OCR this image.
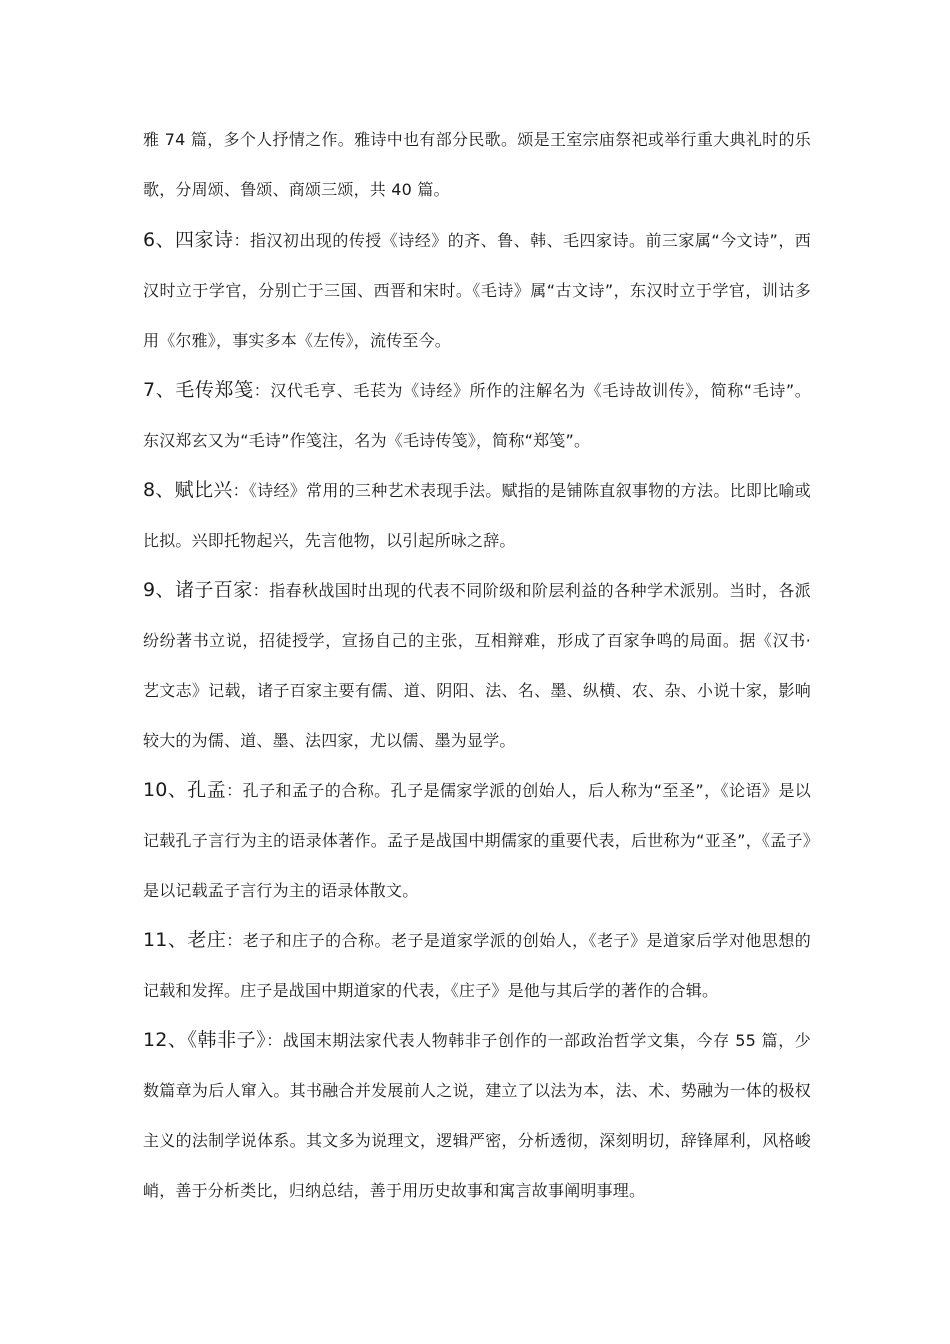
雅 74 篇，多个人抒情之作。雅诗中也有部分民歌。颂是王室宗庙祭祀或举行重大典礼时的乐歌，分周颂、鲁颂、商颂三颂，共 40 篇。

6、四家诗：指汉初出现的传授《诗经》的齐、鲁、韩、毛四家诗。前三家属“今文诗”，西汉时立于学官，分别亡于三国、西晋和宋时。《毛诗》属“古文诗”，东汉时立于学官，训诂多用《尔雅》，事实多本《左传》，流传至今。

7、毛传郑笺：汉代毛亨、毛苌为《诗经》所作的注解名为《毛诗故训传》，简称“毛诗”。东汉郑玄又为“毛诗”作笺注，名为《毛诗传笺》，简称“郑笺”。

8、赋比兴：《诗经》常用的三种艺术表现手法。赋指的是铺陈直叙事物的方法。比即比喻或比拟。兴即托物起兴，先言他物，以引起所咏之辞。

9、诸子百家：指春秋战国时出现的代表不同阶级和阶层利益的各种学术派别。当时，各派纷纷著书立说，招徒授学，宣扬自己的主张，互相辩难，形成了百家争鸣的局面。据《汉书·艺文志》记载，诸子百家主要有儒、道、阴阳、法、名、墨、纵横、农、杂、小说十家，影响较大的为儒、道、墨、法四家，尤以儒、墨为显学。

10、孔孟：孔子和孟子的合称。孔子是儒家学派的创始人，后人称为“至圣”，《论语》是以记载孔子言行为主的语录体著作。孟子是战国中期儒家的重要代表，后世称为“亚圣”，《孟子》是以记载孟子言行为主的语录体散文。

11、老庄：老子和庄子的合称。老子是道家学派的创始人，《老子》是道家后学对他思想的记载和发挥。庄子是战国中期道家的代表，《庄子》是他与其后学的著作的合辑。

12、《韩非子》：战国末期法家代表人物韩非子创作的一部政治哲学文集，今存 55 篇，少数篇章为后人窜入。其书融合并发展前人之说，建立了以法为本，法、术、势融为一体的极权主义的法制学说体系。其文多为说理文，逻辑严密，分析透彻，深刻明切，辞锋犀利，风格峻峭，善于分析类比，归纳总结，善于用历史故事和寓言故事阐明事理。
